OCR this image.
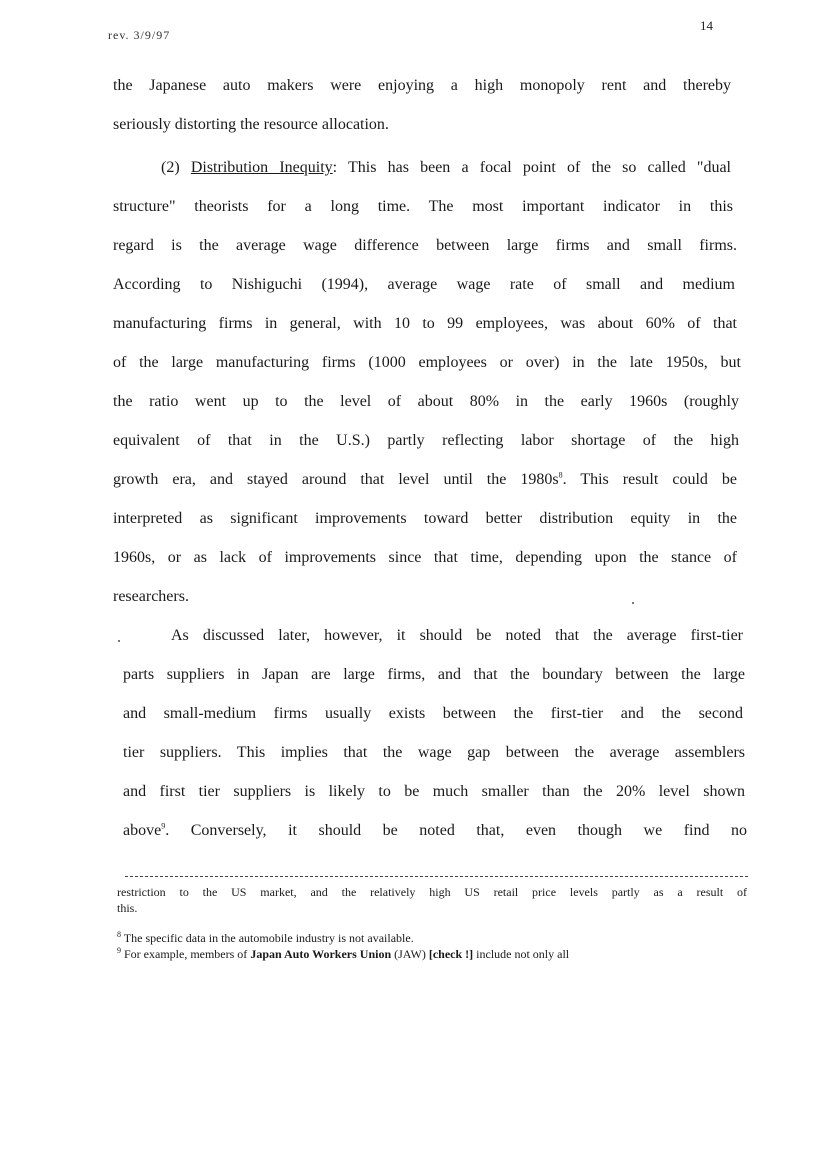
rev. 3/9/97
14
the Japanese auto makers were enjoying a high monopoly rent and thereby
seriously distorting the resource allocation.
(2) Distribution Inequity: This has been a focal point of the so called "dual
structure" theorists for a long time. The most important indicator in this
regard is the average wage difference between large firms and small firms.
According to Nishiguchi (1994), average wage rate of small and medium
manufacturing firms in general, with 10 to 99 employees, was about 60% of that
of the large manufacturing firms (1000 employees or over) in the late 1950s, but
the ratio went up to the level of about 80% in the early 1960s (roughly
equivalent of that in the U.S.) partly reflecting labor shortage of the high
growth era, and stayed around that level until the $1980s^8$. This result could be
interpreted as significant improvements toward better distribution equity in the
1960s, or as lack of improvements since that time, depending upon the stance of
researchers.
As discussed later, however, it should be noted that the average first-tier
parts suppliers in Japan are large firms, and that the boundary between the large
and small-medium firms usually exists between the first-tier and the second
tier suppliers. This implies that the wage gap between the average assemblers
and first tier suppliers is likely to be much smaller than the 20% level shown
above$^9$. Conversely, it should be noted that, even though we find no
restriction to the US market, and the relatively high US retail price levels partly as a result of
this.
$^8$ The specific data in the automobile industry is not available.
$^9$ For example, members of Japan Auto Workers Union (JAW) [check !] include not only all
